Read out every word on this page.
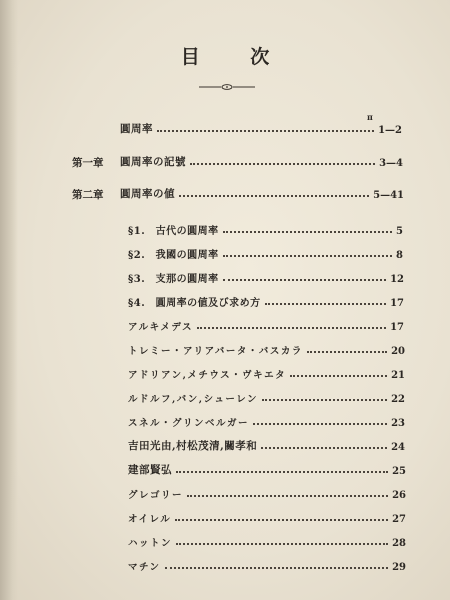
目 次
π
圓周率	1—2
第一章 圓周率の記號	3—4
第二章 圓周率の値	5—41
§1.　古代の圓周率	5
§2.　我國の圓周率	8
§3.　支那の圓周率	12
§4.　圓周率の値及び求め方	17
アルキメデス	17
トレミー・アリアバータ・バスカラ	20
アドリアン,メチウス・ヴキエタ	21
ルドルフ,バン,シューレン	22
スネル・グリンベルガー	23
吉田光由,村松茂清,關孝和	24
建部賢弘	25
グレゴリー	26
オイレル	27
ハットン	28
マチン	29
